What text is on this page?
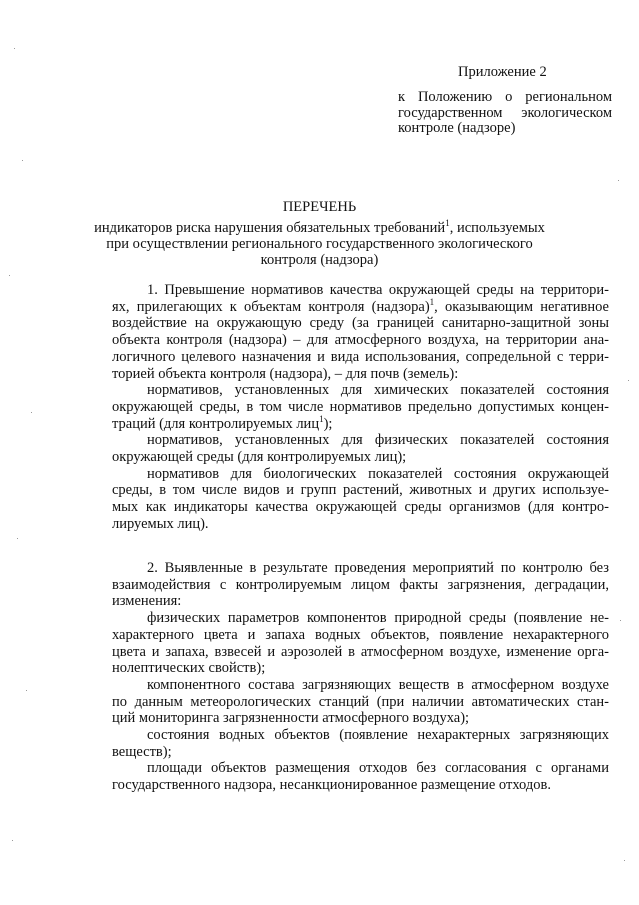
Приложение 2
к Положению о региональном
государственном экологическом
контроле (надзоре)
ПЕРЕЧЕНЬ
индикаторов риска нарушения обязательных требований$^1$, используемых
при осуществлении регионального государственного экологического
контроля (надзора)
1. Превышение нормативов качества окружающей среды на территори-
ях, прилегающих к объектам контроля (надзора)$^1$, оказывающим негативное
воздействие на окружающую среду (за границей санитарно-защитной зоны
объекта контроля (надзора) – для атмосферного воздуха, на территории ана-
логичного целевого назначения и вида использования, сопредельной с терри-
торией объекта контроля (надзора), – для почв (земель):
нормативов, установленных для химических показателей состояния
окружающей среды, в том числе нормативов предельно допустимых концен-
траций (для контролируемых лиц$^1$);
нормативов, установленных для физических показателей состояния
окружающей среды (для контролируемых лиц);
нормативов для биологических показателей состояния окружающей
среды, в том числе видов и групп растений, животных и других используе-
мых как индикаторы качества окружающей среды организмов (для контро-
лируемых лиц).
2. Выявленные в результате проведения мероприятий по контролю без
взаимодействия с контролируемым лицом факты загрязнения, деградации,
изменения:
физических параметров компонентов природной среды (появление не-
характерного цвета и запаха водных объектов, появление нехарактерного
цвета и запаха, взвесей и аэрозолей в атмосферном воздухе, изменение орга-
нолептических свойств);
компонентного состава загрязняющих веществ в атмосферном воздухе
по данным метеорологических станций (при наличии автоматических стан-
ций мониторинга загрязненности атмосферного воздуха);
состояния водных объектов (появление нехарактерных загрязняющих
веществ);
площади объектов размещения отходов без согласования с органами
государственного надзора, несанкционированное размещение отходов.
